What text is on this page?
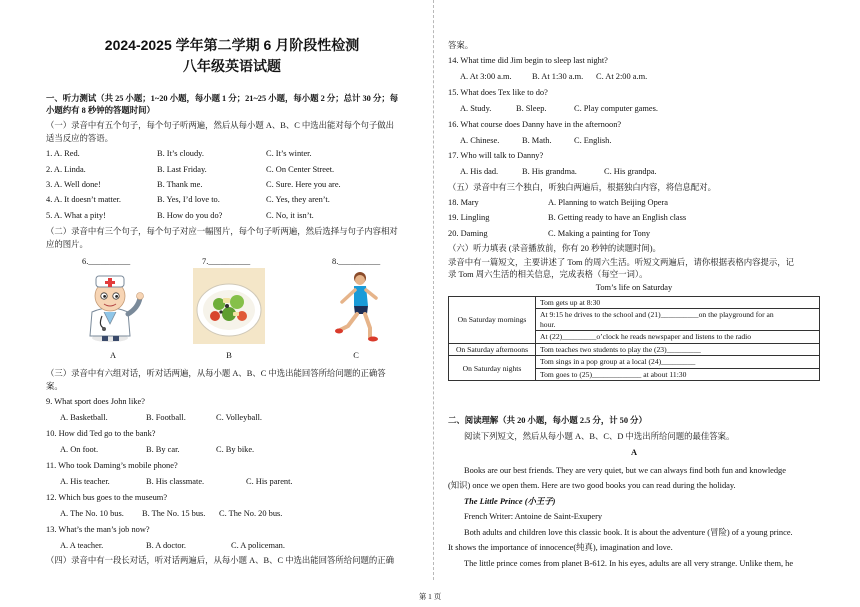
2024-2025 学年第二学期 6 月阶段性检测
八年级英语试题
一、听力测试（共 25 小题；1~20 小题，每小题 1 分；21~25 小题，每小题 2 分；总计 30 分；每
小题约有 8 秒钟的答题时间）
（一）录音中有五个句子，每个句子听两遍，然后从每小题 A、B、C 中选出能对每个句子做出
适当反应的答语。
1. A. Red.	B. It’s cloudy.	C. It’s winter.
2. A. Linda.	B. Last Friday.	C. On Center Street.
3. A. Well done!	B. Thank me.	C. Sure. Here you are.
4. A. It doesn’t matter.	B. Yes, I’d love to.	C. Yes, they aren’t.
5. A. What a pity!	B. How do you do?	C. No, it isn’t.
（二）录音中有三个句子，每个句子对应一幅图片，每个句子听两遍，然后选择与句子内容相对
应的图片。
6.__________	7.__________	8.__________
A	B	C
（三）录音中有六组对话，听对话两遍，从每小题 A、B、C 中选出能回答所给问题的正确答
案。
9. What sport does John like?
A. Basketball.	B. Football.	C. Volleyball.
10. How did Ted go to the bank?
A. On foot.	B. By car.	C. By bike.
11. Who took Daming’s mobile phone?
A. His teacher.	B. His classmate.	C. His parent.
12. Which bus goes to the museum?
A. The No. 10 bus. B. The No. 15 bus. C. The No. 20 bus.
13. What’s the man’s job now?
A. A teacher.	B. A doctor.	C. A policeman.
（四）录音中有一段长对话，听对话两遍后，从每小题 A、B、C 中选出能回答所给问题的正确
答案。
14. What time did Jim begin to sleep last night?
A. At 3:00 a.m. B. At 1:30 a.m. C. At 2:00 a.m.
15. What does Tex like to do?
A. Study.	B. Sleep.	C. Play computer games.
16. What course does Danny have in the afternoon?
A. Chinese.	B. Math.	C. English.
17. Who will talk to Danny?
A. His dad.	B. His grandma.	C. His grandpa.
（五）录音中有三个独白，听独白两遍后，根据独白内容，将信息配对。
18. Mary	A. Planning to watch Beijing Opera
19. Lingling	B. Getting ready to have an English class
20. Daming	C. Making a painting for Tony
（六）听力填表 (录音播放前，你有 20 秒钟的读题时间)。
录音中有一篇短文，主要讲述了 Tom 的周六生活。听短文两遍后，请你根据表格内容提示，记
录 Tom 周六生活的相关信息，完成表格（每空一词）。
Tom’s life on Saturday
On Saturday mornings	Tom gets up at 8:30

	At 9:15 he drives to the school and (21)__________on the playground for an
hour.

	At (22)_________o’clock he reads newspaper and listens to the radio
On Saturday afternoons	Tom teaches two students to play the (23)_________
On Saturday nights	Tom sings in a pop group at a local (24)_________
	Tom goes to (25)_____________ at about 11:30
二、阅读理解（共 20 小题，每小题 2.5 分，计 50 分）
阅读下列短文，然后从每小题 A、B、C、D 中选出所给问题的最佳答案。
A
Books are our best friends. They are very quiet, but we can always find both fun and knowledge
(知识) once we open them. Here are two good books you can read during the holiday.
The Little Prince (小王子)
French Writer: Antoine de Saint-Exupery
Both adults and children love this classic book. It is about the adventure (冒险) of a young prince.
It shows the importance of innocence(纯真), imagination and love.
The little prince comes from planet B-612. In his eyes, adults are all very strange. Unlike them, he
第 1 页
